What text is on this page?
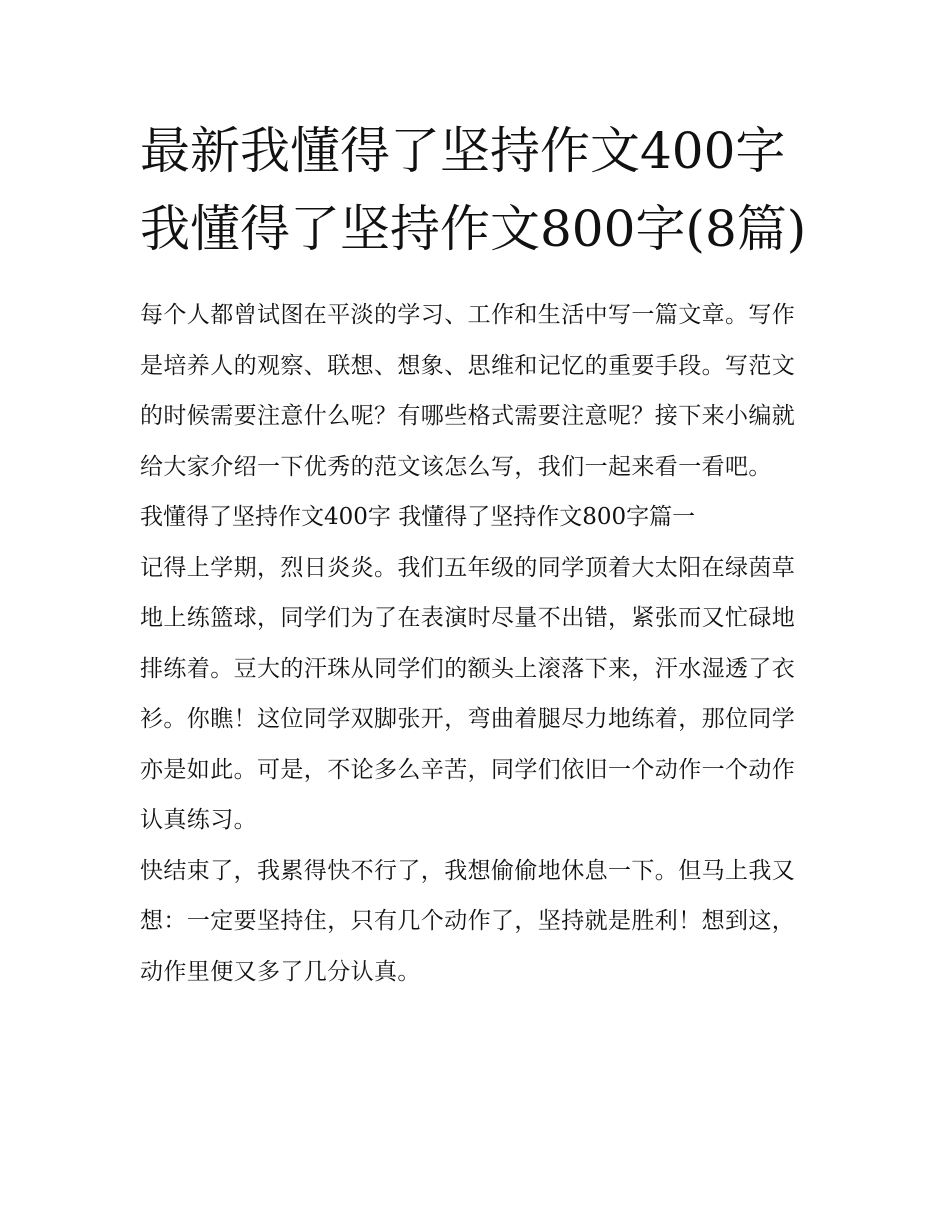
最新我懂得了坚持作文400字我懂得了坚持作文800字(8篇)

每个人都曾试图在平淡的学习、工作和生活中写一篇文章。写作是培养人的观察、联想、想象、思维和记忆的重要手段。写范文的时候需要注意什么呢？有哪些格式需要注意呢？接下来小编就给大家介绍一下优秀的范文该怎么写，我们一起来看一看吧。

我懂得了坚持作文400字 我懂得了坚持作文800字篇一

记得上学期，烈日炎炎。我们五年级的同学顶着大太阳在绿茵草地上练篮球，同学们为了在表演时尽量不出错，紧张而又忙碌地排练着。豆大的汗珠从同学们的额头上滚落下来，汗水湿透了衣衫。你瞧！这位同学双脚张开，弯曲着腿尽力地练着，那位同学亦是如此。可是，不论多么辛苦，同学们依旧一个动作一个动作认真练习。

快结束了，我累得快不行了，我想偷偷地休息一下。但马上我又想：一定要坚持住，只有几个动作了，坚持就是胜利！想到这，动作里便又多了几分认真。
